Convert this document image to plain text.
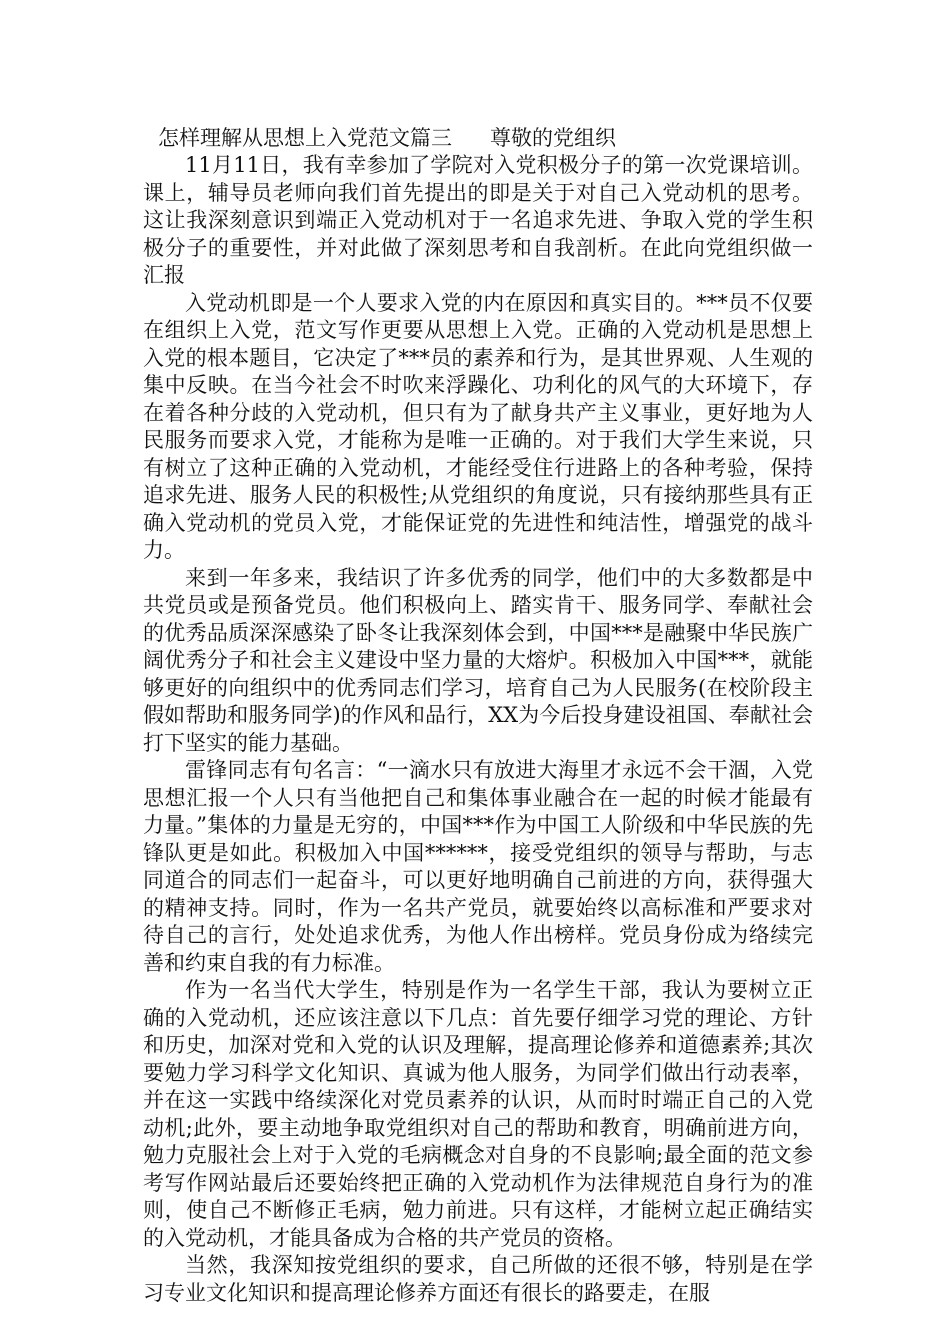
怎样理解从思想上入党范文篇三 尊敬的党组织

11月11日，我有幸参加了学院对入党积极分子的第一次党课培训。课上，辅导员老师向我们首先提出的即是关于对自己入党动机的思考。这让我深刻意识到端正入党动机对于一名追求先进、争取入党的学生积极分子的重要性，并对此做了深刻思考和自我剖析。在此向党组织做一汇报

入党动机即是一个人要求入党的内在原因和真实目的。***员不仅要在组织上入党，范文写作更要从思想上入党。正确的入党动机是思想上入党的根本题目，它决定了***员的素养和行为，是其世界观、人生观的集中反映。在当今社会不时吹来浮躁化、功利化的风气的大环境下，存在着各种分歧的入党动机，但只有为了献身共产主义事业，更好地为人民服务而要求入党，才能称为是唯一正确的。对于我们大学生来说，只有树立了这种正确的入党动机，才能经受住行进路上的各种考验，保持追求先进、服务人民的积极性;从党组织的角度说，只有接纳那些具有正确入党动机的党员入党，才能保证党的先进性和纯洁性，增强党的战斗力。

来到一年多来，我结识了许多优秀的同学，他们中的大多数都是中共党员或是预备党员。他们积极向上、踏实肯干、服务同学、奉献社会的优秀品质深深感染了卧冬让我深刻体会到，中国***是融聚中华民族广阔优秀分子和社会主义建设中坚力量的大熔炉。积极加入中国***，就能够更好的向组织中的优秀同志们学习，培育自己为人民服务(在校阶段主假如帮助和服务同学)的作风和品行，XX为今后投身建设祖国、奉献社会打下坚实的能力基础。

雷锋同志有句名言：“一滴水只有放进大海里才永远不会干涸，入党思想汇报一个人只有当他把自己和集体事业融合在一起的时候才能最有力量。”集体的力量是无穷的，中国***作为中国工人阶级和中华民族的先锋队更是如此。积极加入中国******，接受党组织的领导与帮助，与志同道合的同志们一起奋斗，可以更好地明确自己前进的方向，获得强大的精神支持。同时，作为一名共产党员，就要始终以高标准和严要求对待自己的言行，处处追求优秀，为他人作出榜样。党员身份成为络续完善和约束自我的有力标准。

作为一名当代大学生，特别是作为一名学生干部，我认为要树立正确的入党动机，还应该注意以下几点：首先要仔细学习党的理论、方针和历史，加深对党和入党的认识及理解，提高理论修养和道德素养;其次要勉力学习科学文化知识、真诚为他人服务，为同学们做出行动表率，并在这一实践中络续深化对党员素养的认识，从而时时端正自己的入党动机;此外，要主动地争取党组织对自己的帮助和教育，明确前进方向，勉力克服社会上对于入党的毛病概念对自身的不良影响;最全面的范文参考写作网站最后还要始终把正确的入党动机作为法律规范自身行为的准则，使自己不断修正毛病，勉力前进。只有这样，才能树立起正确结实的入党动机，才能具备成为合格的共产党员的资格。

当然，我深知按党组织的要求，自己所做的还很不够，特别是在学习专业文化知识和提高理论修养方面还有很长的路要走，在服
